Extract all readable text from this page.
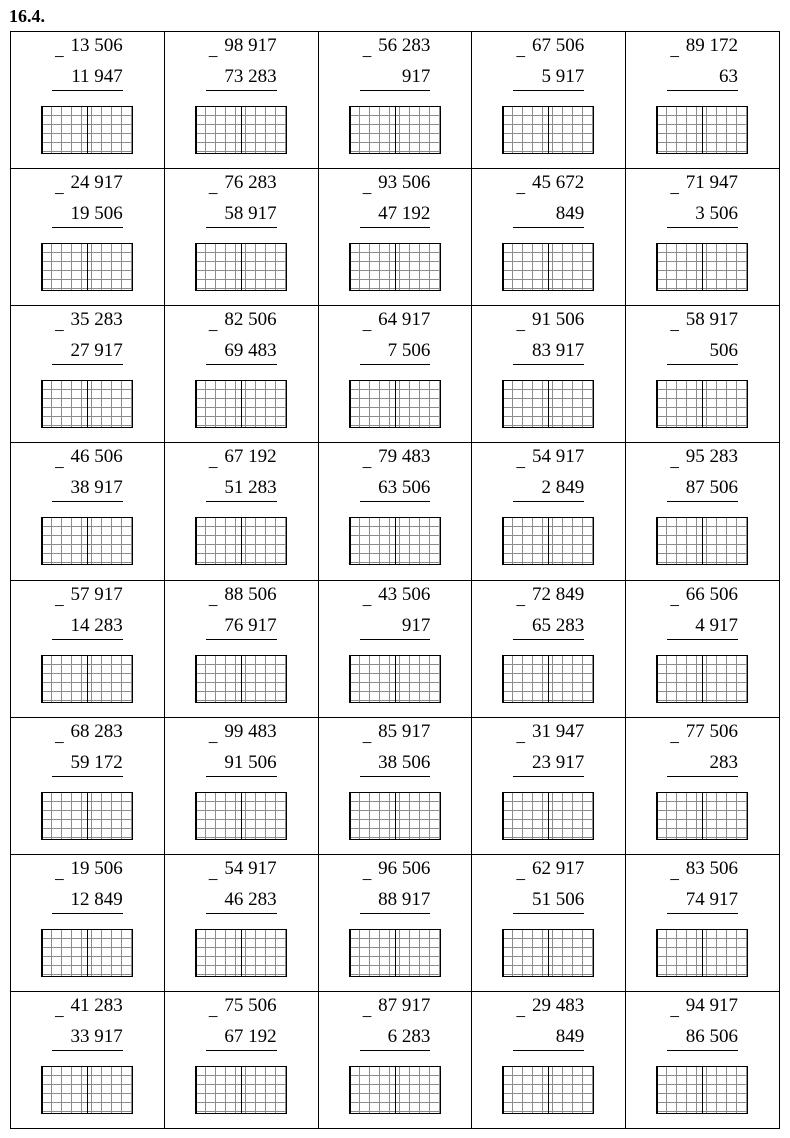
16.4.
13 506
−
11 947
98 917
−
73 283
56 283
−
917
67 506
−
5 917
89 172
−
63
24 917
−
19 506
76 283
−
58 917
93 506
−
47 192
45 672
−
849
71 947
−
3 506
35 283
−
27 917
82 506
−
69 483
64 917
−
7 506
91 506
−
83 917
58 917
−
506
46 506
−
38 917
67 192
−
51 283
79 483
−
63 506
54 917
−
2 849
95 283
−
87 506
57 917
−
14 283
88 506
−
76 917
43 506
−
917
72 849
−
65 283
66 506
−
4 917
68 283
−
59 172
99 483
−
91 506
85 917
−
38 506
31 947
−
23 917
77 506
−
283
19 506
−
12 849
54 917
−
46 283
96 506
−
88 917
62 917
−
51 506
83 506
−
74 917
41 283
−
33 917
75 506
−
67 192
87 917
−
6 283
29 483
−
849
94 917
−
86 506
